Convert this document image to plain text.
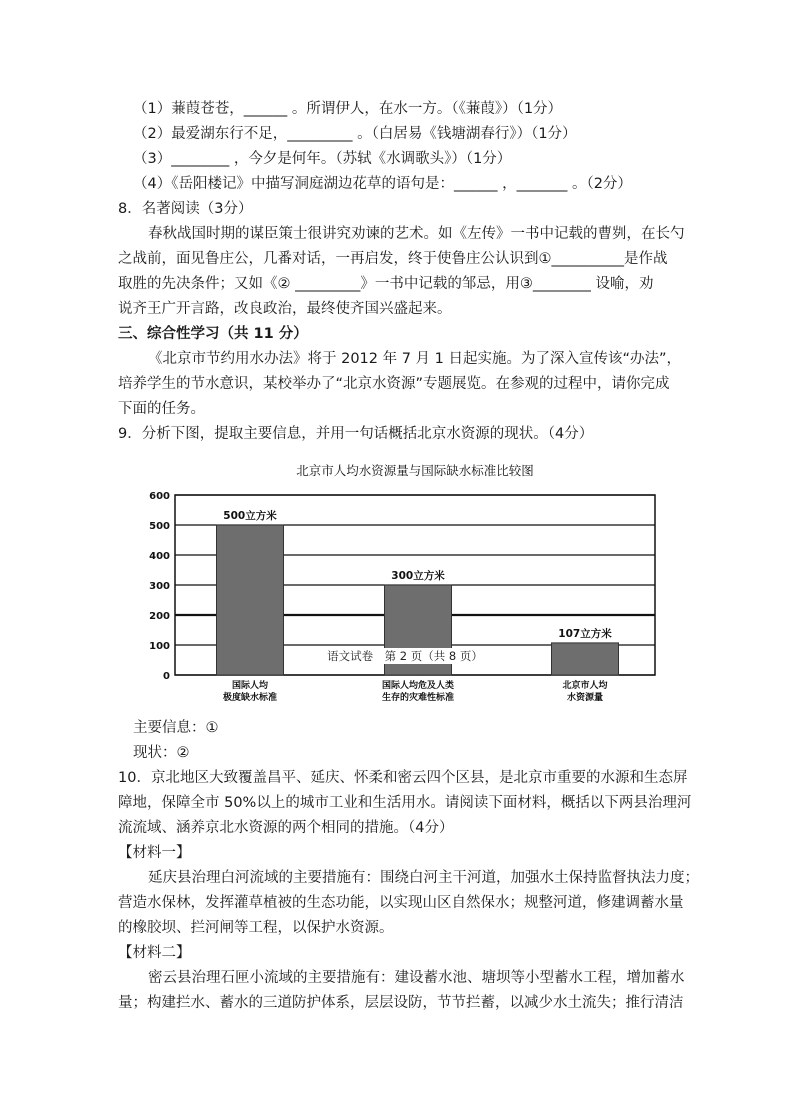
（1）蒹葭苍苍，______ 。所谓伊人，在水一方。（《蒹葭》）（1分）
（2）最爱湖东行不足，_________ 。（白居易《钱塘湖春行》）（1分）
（3）________ ，今夕是何年。（苏轼《水调歌头》）（1分）
（4）《岳阳楼记》中描写洞庭湖边花草的语句是：______ ，_______ 。（2分）
8．名著阅读（3分）
春秋战国时期的谋臣策士很讲究劝谏的艺术。如《左传》一书中记载的曹刿，在长勺
之战前，面见鲁庄公，几番对话，一再启发，终于使鲁庄公认识到①__________是作战
取胜的先决条件；又如《② _________》一书中记载的邹忌，用③________ 设喻，劝
说齐王广开言路，改良政治，最终使齐国兴盛起来。
三、综合性学习（共 11 分）
《北京市节约用水办法》将于 2012 年 7 月 1 日起实施。为了深入宣传该“办法”，
培养学生的节水意识，某校举办了“北京水资源”专题展览。在参观的过程中，请你完成
下面的任务。
9．分析下图，提取主要信息，并用一句话概括北京水资源的现状。（4分）
北京市人均水资源量与国际缺水标准比较图
0
100
200
300
400
500
600
500立方米
国际人均
极度缺水标准
300立方米
国际人均危及人类
生存的灾难性标准
107立方米
北京市人均
水资源量
语文试卷　第 2 页（共 8 页）
主要信息：①
现状：②
10．京北地区大致覆盖昌平、延庆、怀柔和密云四个区县，是北京市重要的水源和生态屏
障地，保障全市 50%以上的城市工业和生活用水。请阅读下面材料，概括以下两县治理河
流流域、涵养京北水资源的两个相同的措施。（4分）
【材料一】
延庆县治理白河流域的主要措施有：围绕白河主干河道，加强水土保持监督执法力度；
营造水保林，发挥灌草植被的生态功能，以实现山区自然保水；规整河道，修建调蓄水量
的橡胶坝、拦河闸等工程，以保护水资源。
【材料二】
密云县治理石匣小流域的主要措施有：建设蓄水池、塘坝等小型蓄水工程，增加蓄水
量；构建拦水、蓄水的三道防护体系，层层设防，节节拦蓄，以减少水土流失；推行清洁
